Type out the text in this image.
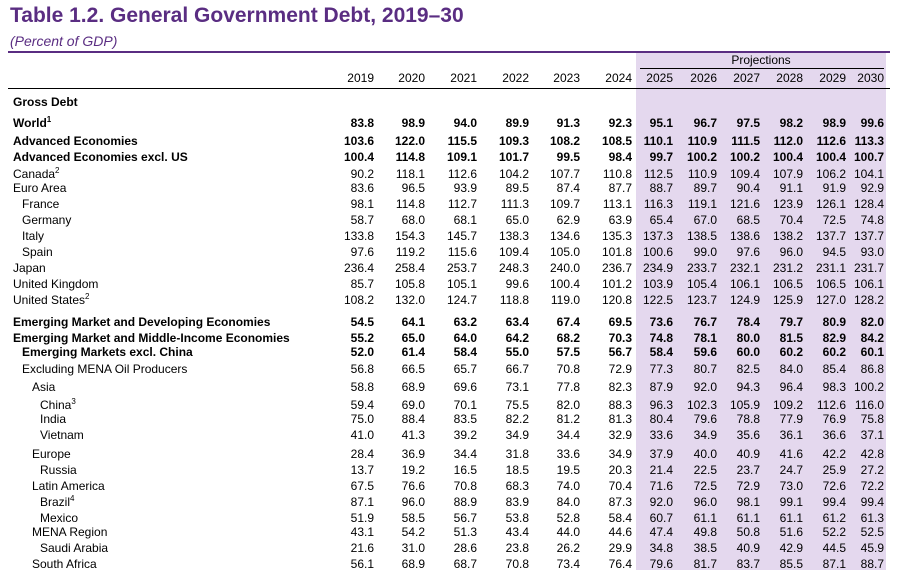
Table 1.2. General Government Debt, 2019–30
(Percent of GDP)
Projections
2019	2020	2021	2022	2023	2024	2025	2026	2027	2028	2029 2030
Gross Debt
World$^1$	83.8	98.9	94.0	89.9	91.3	92.3	95.1	96.7	97.5	98.2	98.9	99.6
Advanced Economies	103.6	122.0	115.5	109.3	108.2	108.5 110.1	110.9	111.5	112.0	112.6 113.3
Advanced Economies excl. US	100.4	114.8	109.1	101.7	99.5	98.4	99.7	100.2	100.2	100.4	100.4 100.7
Canada$^2$	90.2	118.1	112.6	104.2	107.7	110.8 112.5	110.9	109.4	107.9	106.2 104.1
Euro Area	83.6	96.5	93.9	89.5	87.4	87.7	88.7	89.7	90.4	91.1	91.9	92.9
France	98.1	114.8	112.7	111.3	109.7	113.1 116.3	119.1	121.6	123.9	126.1 128.4
Germany	58.7	68.0	68.1	65.0	62.9	63.9	65.4	67.0	68.5	70.4	72.5	74.8
Italy	133.8	154.3	145.7	138.3	134.6	135.3 137.3	138.5	138.6	138.2	137.7 137.7
Spain	97.6	119.2	115.6	109.4	105.0	101.8 100.6	99.0	97.6	96.0	94.5	93.0
Japan	236.4	258.4	253.7	248.3	240.0	236.7 234.9	233.7	232.1	231.2	231.1 231.7
United Kingdom	85.7	105.8	105.1	99.6	100.4	101.2 103.9	105.4	106.1	106.5	106.5 106.1
United States$^2$	108.2	132.0	124.7	118.8	119.0	120.8 122.5	123.7	124.9	125.9	127.0 128.2
Emerging Market and Developing Economies	54.5	64.1	63.2	63.4	67.4	69.5	73.6	76.7	78.4	79.7	80.9	82.0
Emerging Market and Middle-Income Economies	55.2	65.0	64.0	64.2	68.2	70.3	74.8	78.1	80.0	81.5	82.9	84.2
Emerging Markets excl. China	52.0	61.4	58.4	55.0	57.5	56.7	58.4	59.6	60.0	60.2	60.2	60.1
Excluding MENA Oil Producers	56.8	66.5	65.7	66.7	70.8	72.9	77.3	80.7	82.5	84.0	85.4	86.8
Asia	58.8	68.9	69.6	73.1	77.8	82.3	87.9	92.0	94.3	96.4	98.3 100.2
China$^3$	59.4	69.0	70.1	75.5	82.0	88.3	96.3	102.3	105.9	109.2	112.6 116.0
India	75.0	88.4	83.5	82.2	81.2	81.3	80.4	79.6	78.8	77.9	76.9	75.8
Vietnam	41.0	41.3	39.2	34.9	34.4	32.9	33.6	34.9	35.6	36.1	36.6	37.1
Europe	28.4	36.9	34.4	31.8	33.6	34.9	37.9	40.0	40.9	41.6	42.2	42.8
Russia	13.7	19.2	16.5	18.5	19.5	20.3	21.4	22.5	23.7	24.7	25.9	27.2
Latin America	67.5	76.6	70.8	68.3	74.0	70.4	71.6	72.5	72.9	73.0	72.6	72.2
Brazil$^4$	87.1	96.0	88.9	83.9	84.0	87.3	92.0	96.0	98.1	99.1	99.4	99.4
Mexico	51.9	58.5	56.7	53.8	52.8	58.4	60.7	61.1	61.1	61.1	61.2	61.3
MENA Region	43.1	54.2	51.3	43.4	44.0	44.6	47.4	49.8	50.8	51.6	52.2	52.5
Saudi Arabia	21.6	31.0	28.6	23.8	26.2	29.9	34.8	38.5	40.9	42.9	44.5	45.9
South Africa	56.1	68.9	68.7	70.8	73.4	76.4	79.6	81.7	83.7	85.5	87.1	88.7
